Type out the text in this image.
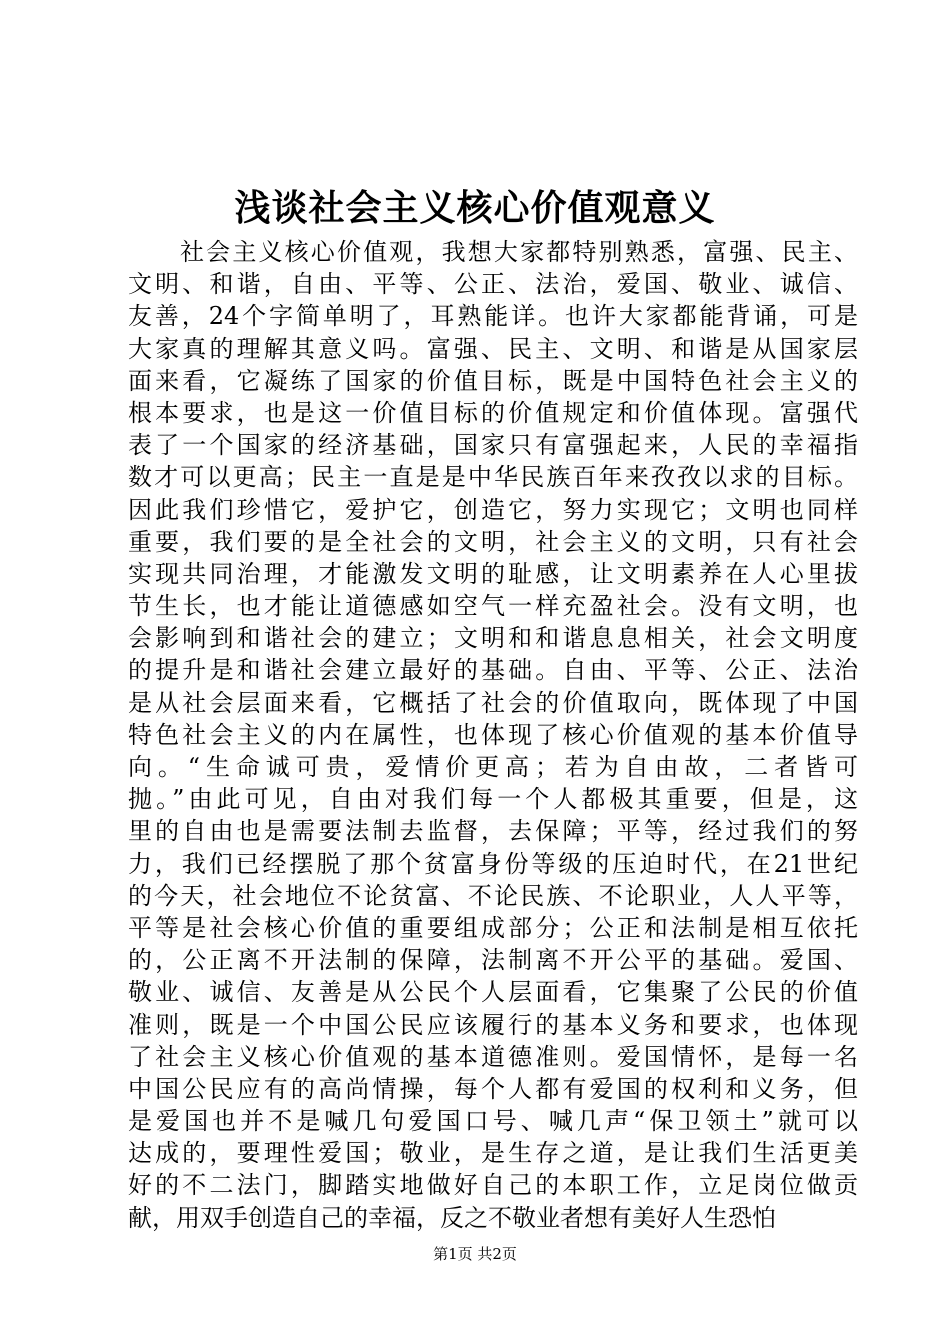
浅谈社会主义核心价值观意义
社会主义核心价值观，我想大家都特别熟悉，富强、民主、
文明、和谐，自由、平等、公正、法治，爱国、敬业、诚信、
友善，24个字简单明了，耳熟能详。也许大家都能背诵，可是
大家真的理解其意义吗。富强、民主、文明、和谐是从国家层
面来看，它凝练了国家的价值目标，既是中国特色社会主义的
根本要求，也是这一价值目标的价值规定和价值体现。富强代
表了一个国家的经济基础，国家只有富强起来，人民的幸福指
数才可以更高；民主一直是是中华民族百年来孜孜以求的目标。
因此我们珍惜它，爱护它，创造它，努力实现它；文明也同样
重要，我们要的是全社会的文明，社会主义的文明，只有社会
实现共同治理，才能激发文明的耻感，让文明素养在人心里拔
节生长，也才能让道德感如空气一样充盈社会。没有文明，也
会影响到和谐社会的建立；文明和和谐息息相关，社会文明度
的提升是和谐社会建立最好的基础。自由、平等、公正、法治
是从社会层面来看，它概括了社会的价值取向，既体现了中国
特色社会主义的内在属性，也体现了核心价值观的基本价值导
向。“生命诚可贵，爱情价更高；若为自由故，二者皆可
抛。”由此可见，自由对我们每一个人都极其重要，但是，这
里的自由也是需要法制去监督，去保障；平等，经过我们的努
力，我们已经摆脱了那个贫富身份等级的压迫时代，在21世纪
的今天，社会地位不论贫富、不论民族、不论职业，人人平等，
平等是社会核心价值的重要组成部分；公正和法制是相互依托
的，公正离不开法制的保障，法制离不开公平的基础。爱国、
敬业、诚信、友善是从公民个人层面看，它集聚了公民的价值
准则，既是一个中国公民应该履行的基本义务和要求，也体现
了社会主义核心价值观的基本道德准则。爱国情怀，是每一名
中国公民应有的高尚情操，每个人都有爱国的权利和义务，但
是爱国也并不是喊几句爱国口号、喊几声“保卫领土”就可以
达成的，要理性爱国；敬业，是生存之道，是让我们生活更美
好的不二法门，脚踏实地做好自己的本职工作，立足岗位做贡
献，用双手创造自己的幸福，反之不敬业者想有美好人生恐怕
第1页 共2页
